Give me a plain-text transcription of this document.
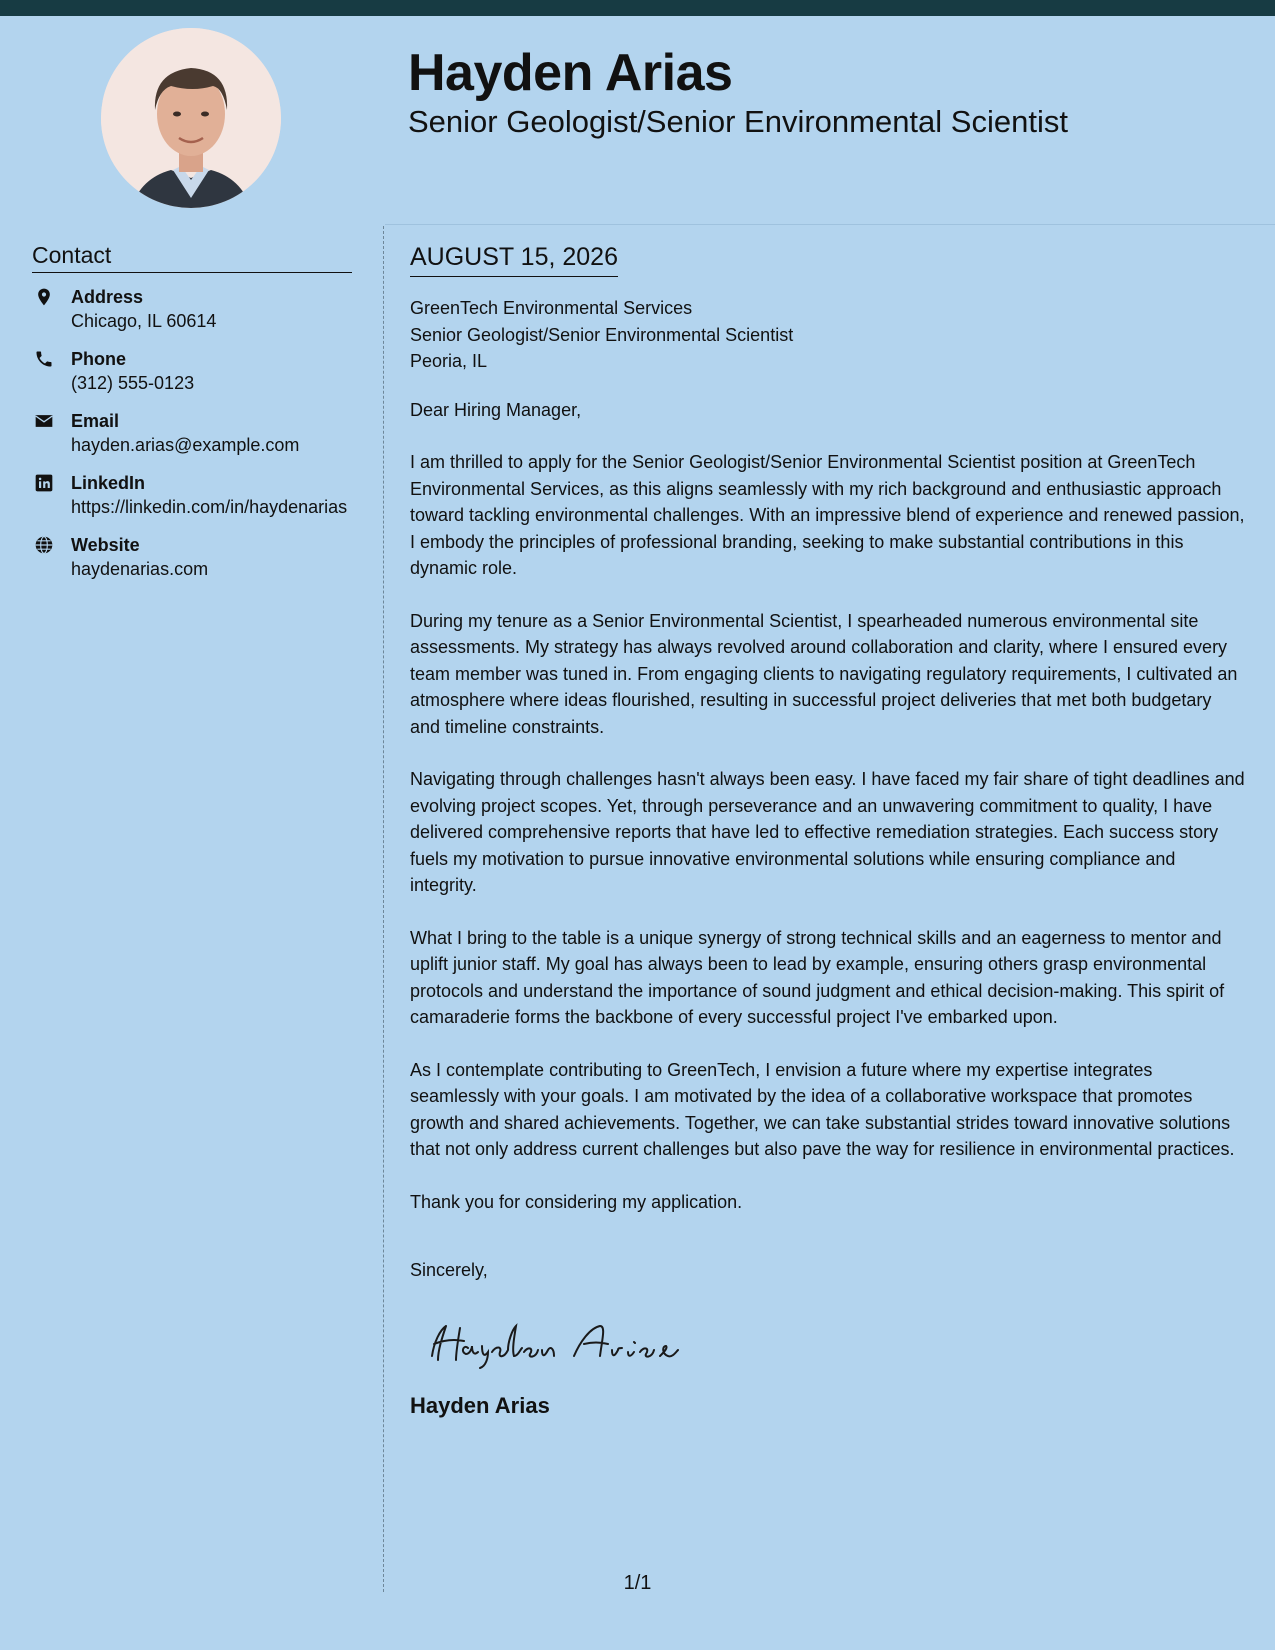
Hayden Arias
Senior Geologist/Senior Environmental Scientist
Contact
Address
Chicago, IL 60614
Phone
(312) 555-0123
Email
hayden.arias@example.com
LinkedIn
https://linkedin.com/in/haydenarias
Website
haydenarias.com
AUGUST 15, 2026
GreenTech Environmental Services
Senior Geologist/Senior Environmental Scientist
Peoria, IL

Dear Hiring Manager,

I am thrilled to apply for the Senior Geologist/Senior Environmental Scientist position at GreenTech Environmental Services, as this aligns seamlessly with my rich background and enthusiastic approach toward tackling environmental challenges. With an impressive blend of experience and renewed passion, I embody the principles of professional branding, seeking to make substantial contributions in this dynamic role.

During my tenure as a Senior Environmental Scientist, I spearheaded numerous environmental site assessments. My strategy has always revolved around collaboration and clarity, where I ensured every team member was tuned in. From engaging clients to navigating regulatory requirements, I cultivated an atmosphere where ideas flourished, resulting in successful project deliveries that met both budgetary and timeline constraints.

Navigating through challenges hasn't always been easy. I have faced my fair share of tight deadlines and evolving project scopes. Yet, through perseverance and an unwavering commitment to quality, I have delivered comprehensive reports that have led to effective remediation strategies. Each success story fuels my motivation to pursue innovative environmental solutions while ensuring compliance and integrity.

What I bring to the table is a unique synergy of strong technical skills and an eagerness to mentor and uplift junior staff. My goal has always been to lead by example, ensuring others grasp environmental protocols and understand the importance of sound judgment and ethical decision-making. This spirit of camaraderie forms the backbone of every successful project I've embarked upon.

As I contemplate contributing to GreenTech, I envision a future where my expertise integrates seamlessly with your goals. I am motivated by the idea of a collaborative workspace that promotes growth and shared achievements. Together, we can take substantial strides toward innovative solutions that not only address current challenges but also pave the way for resilience in environmental practices.

Thank you for considering my application.

Sincerely,

Hayden Arias

1/1
